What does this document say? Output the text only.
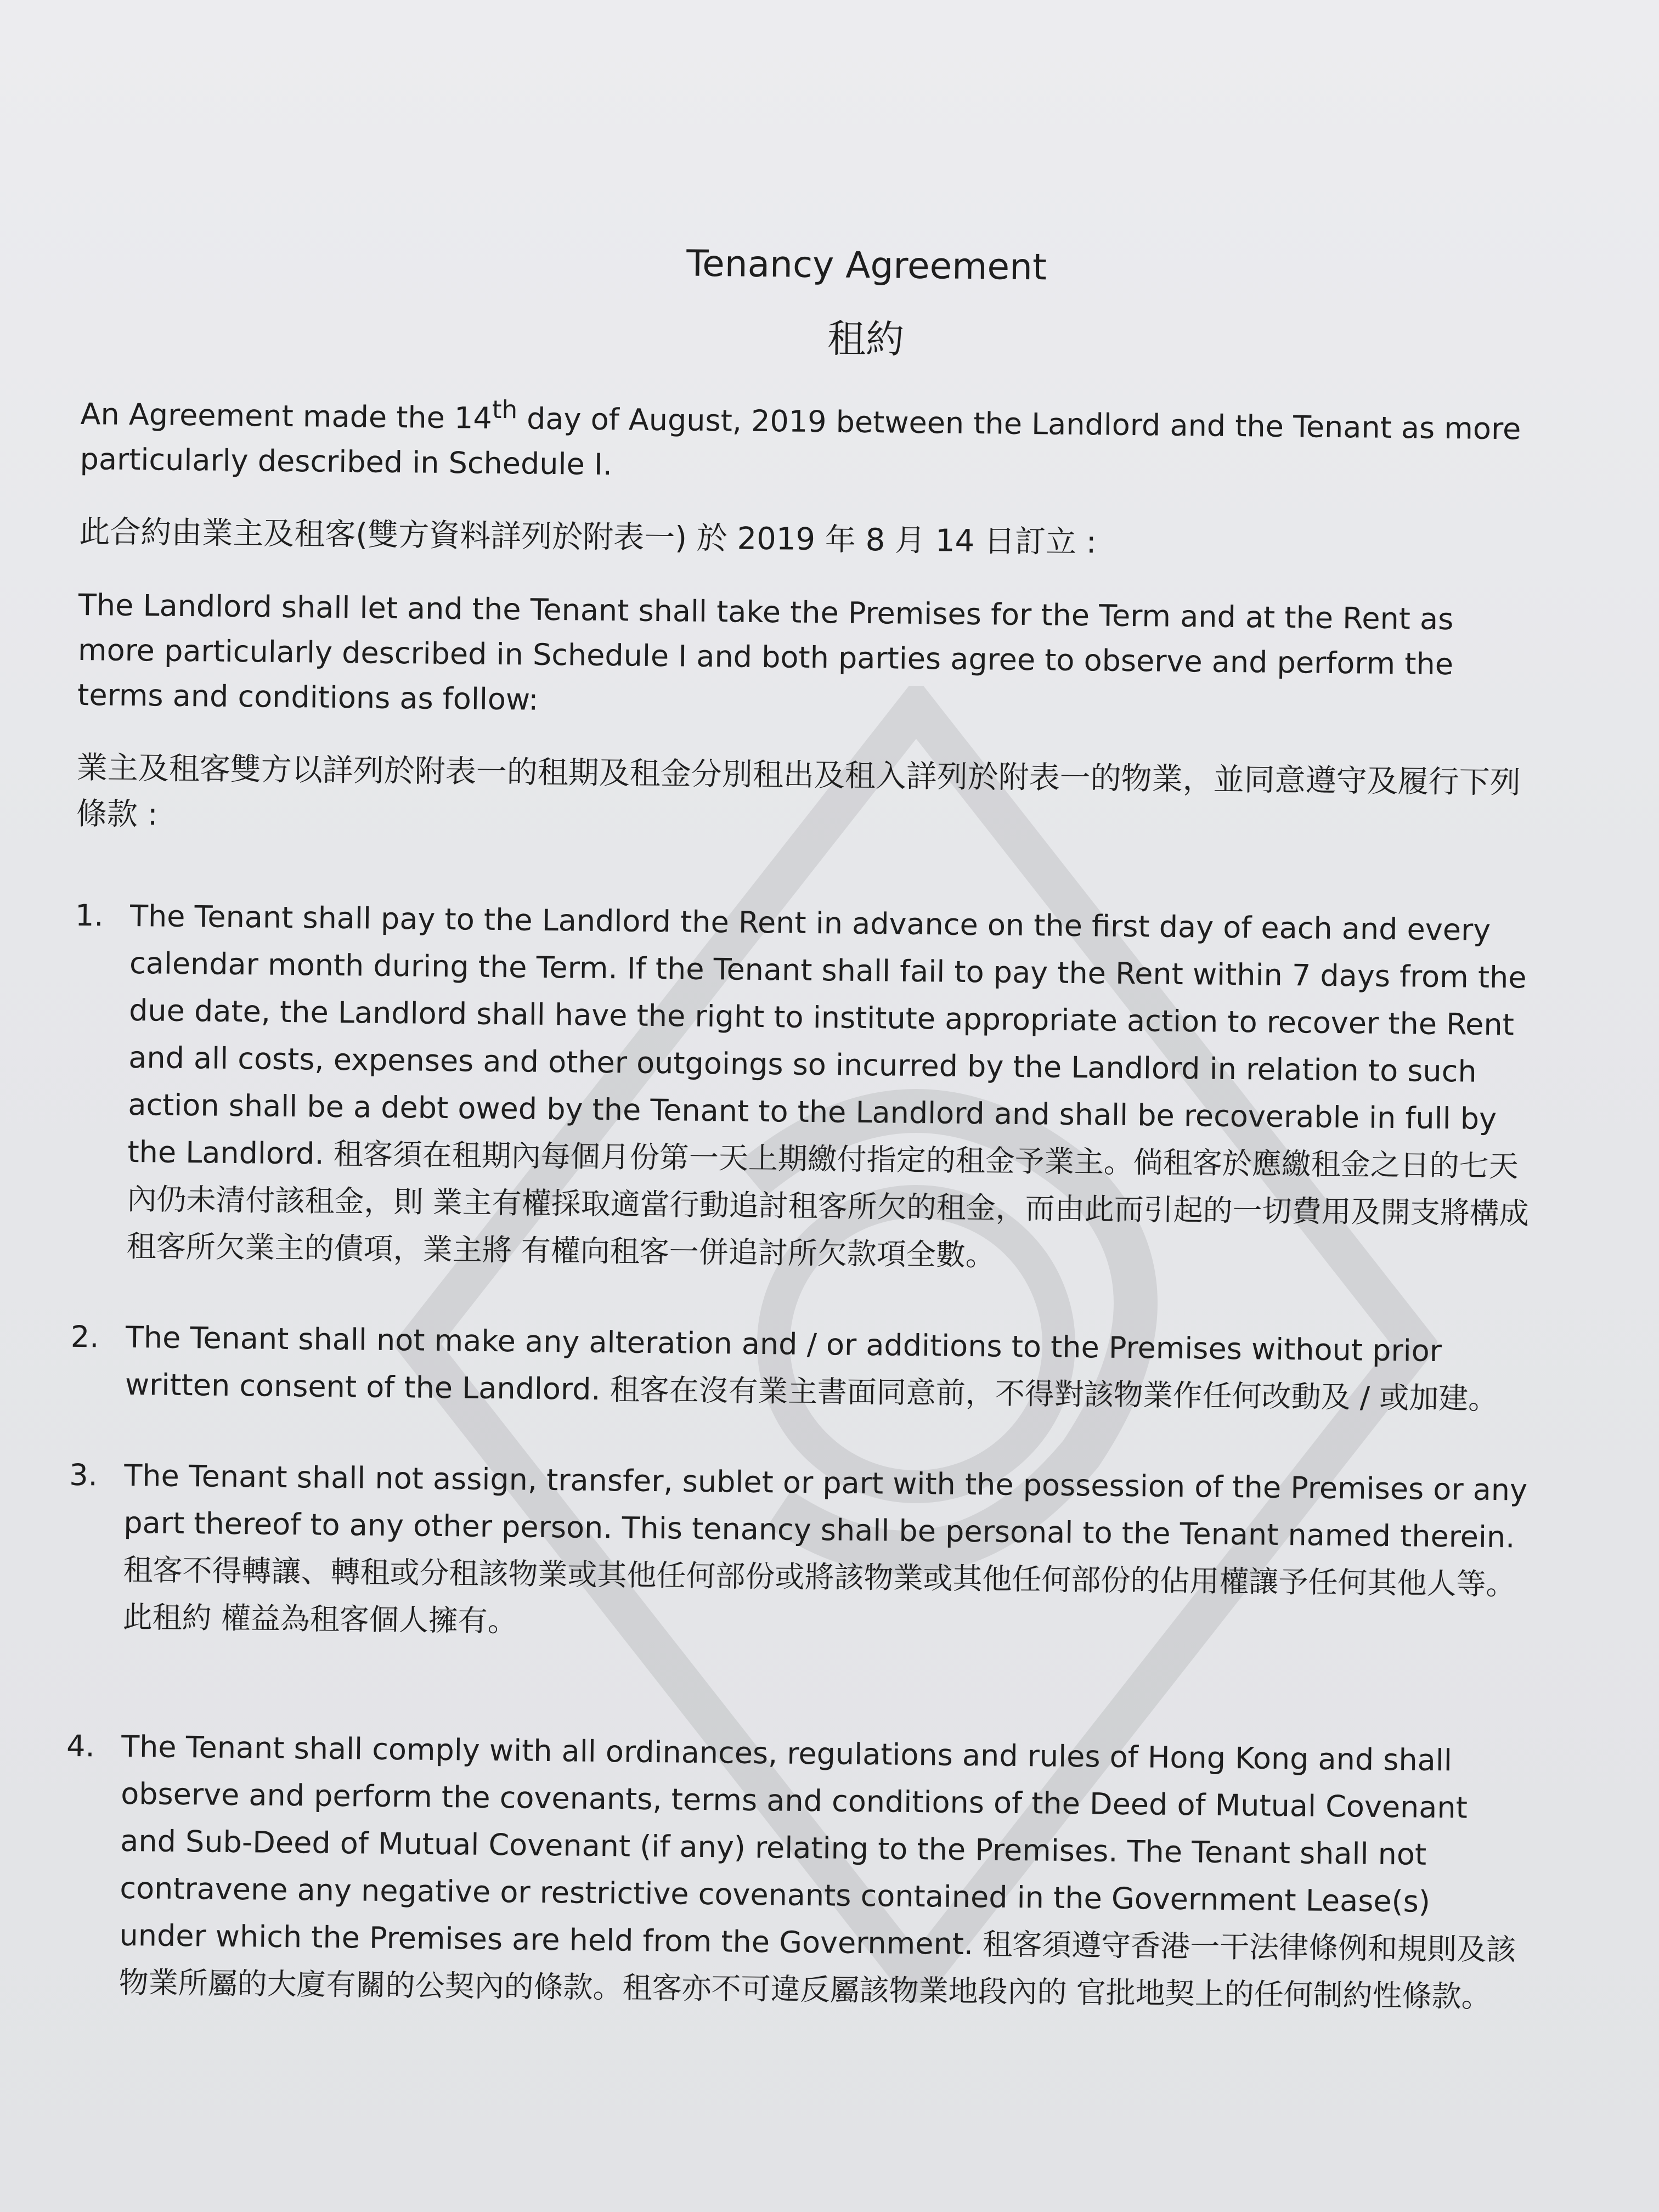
Tenancy Agreement
租約

An Agreement made the 14th day of August, 2019 between the Landlord and the Tenant as more particularly described in Schedule I.

此合約由業主及租客(雙方資料詳列於附表一) 於 2019 年 8 月 14 日訂立 :

The Landlord shall let and the Tenant shall take the Premises for the Term and at the Rent as more particularly described in Schedule I and both parties agree to observe and perform the terms and conditions as follow:

業主及租客雙方以詳列於附表一的租期及租金分別租出及租入詳列於附表一的物業，並同意遵守及履行下列條款 :

1. The Tenant shall pay to the Landlord the Rent in advance on the first day of each and every calendar month during the Term. If the Tenant shall fail to pay the Rent within 7 days from the due date, the Landlord shall have the right to institute appropriate action to recover the Rent and all costs, expenses and other outgoings so incurred by the Landlord in relation to such action shall be a debt owed by the Tenant to the Landlord and shall be recoverable in full by the Landlord. 租客須在租期內每個月份第一天上期繳付指定的租金予業主。倘租客於應繳租金之日的七天內仍未清付該租金，則 業主有權採取適當行動追討租客所欠的租金，而由此而引起的一切費用及開支將構成租客所欠業主的債項，業主將 有權向租客一併追討所欠款項全數。
2. The Tenant shall not make any alteration and / or additions to the Premises without prior written consent of the Landlord. 租客在沒有業主書面同意前，不得對該物業作任何改動及 / 或加建。
3. The Tenant shall not assign, transfer, sublet or part with the possession of the Premises or any part thereof to any other person. This tenancy shall be personal to the Tenant named therein. 租客不得轉讓、轉租或分租該物業或其他任何部份或將該物業或其他任何部份的佔用權讓予任何其他人等。此租約 權益為租客個人擁有。
4. The Tenant shall comply with all ordinances, regulations and rules of Hong Kong and shall observe and perform the covenants, terms and conditions of the Deed of Mutual Covenant and Sub-Deed of Mutual Covenant (if any) relating to the Premises. The Tenant shall not contravene any negative or restrictive covenants contained in the Government Lease(s) under which the Premises are held from the Government. 租客須遵守香港一干法律條例和規則及該物業所屬的大廈有關的公契內的條款。租客亦不可違反屬該物業地段內的 官批地契上的任何制約性條款。
